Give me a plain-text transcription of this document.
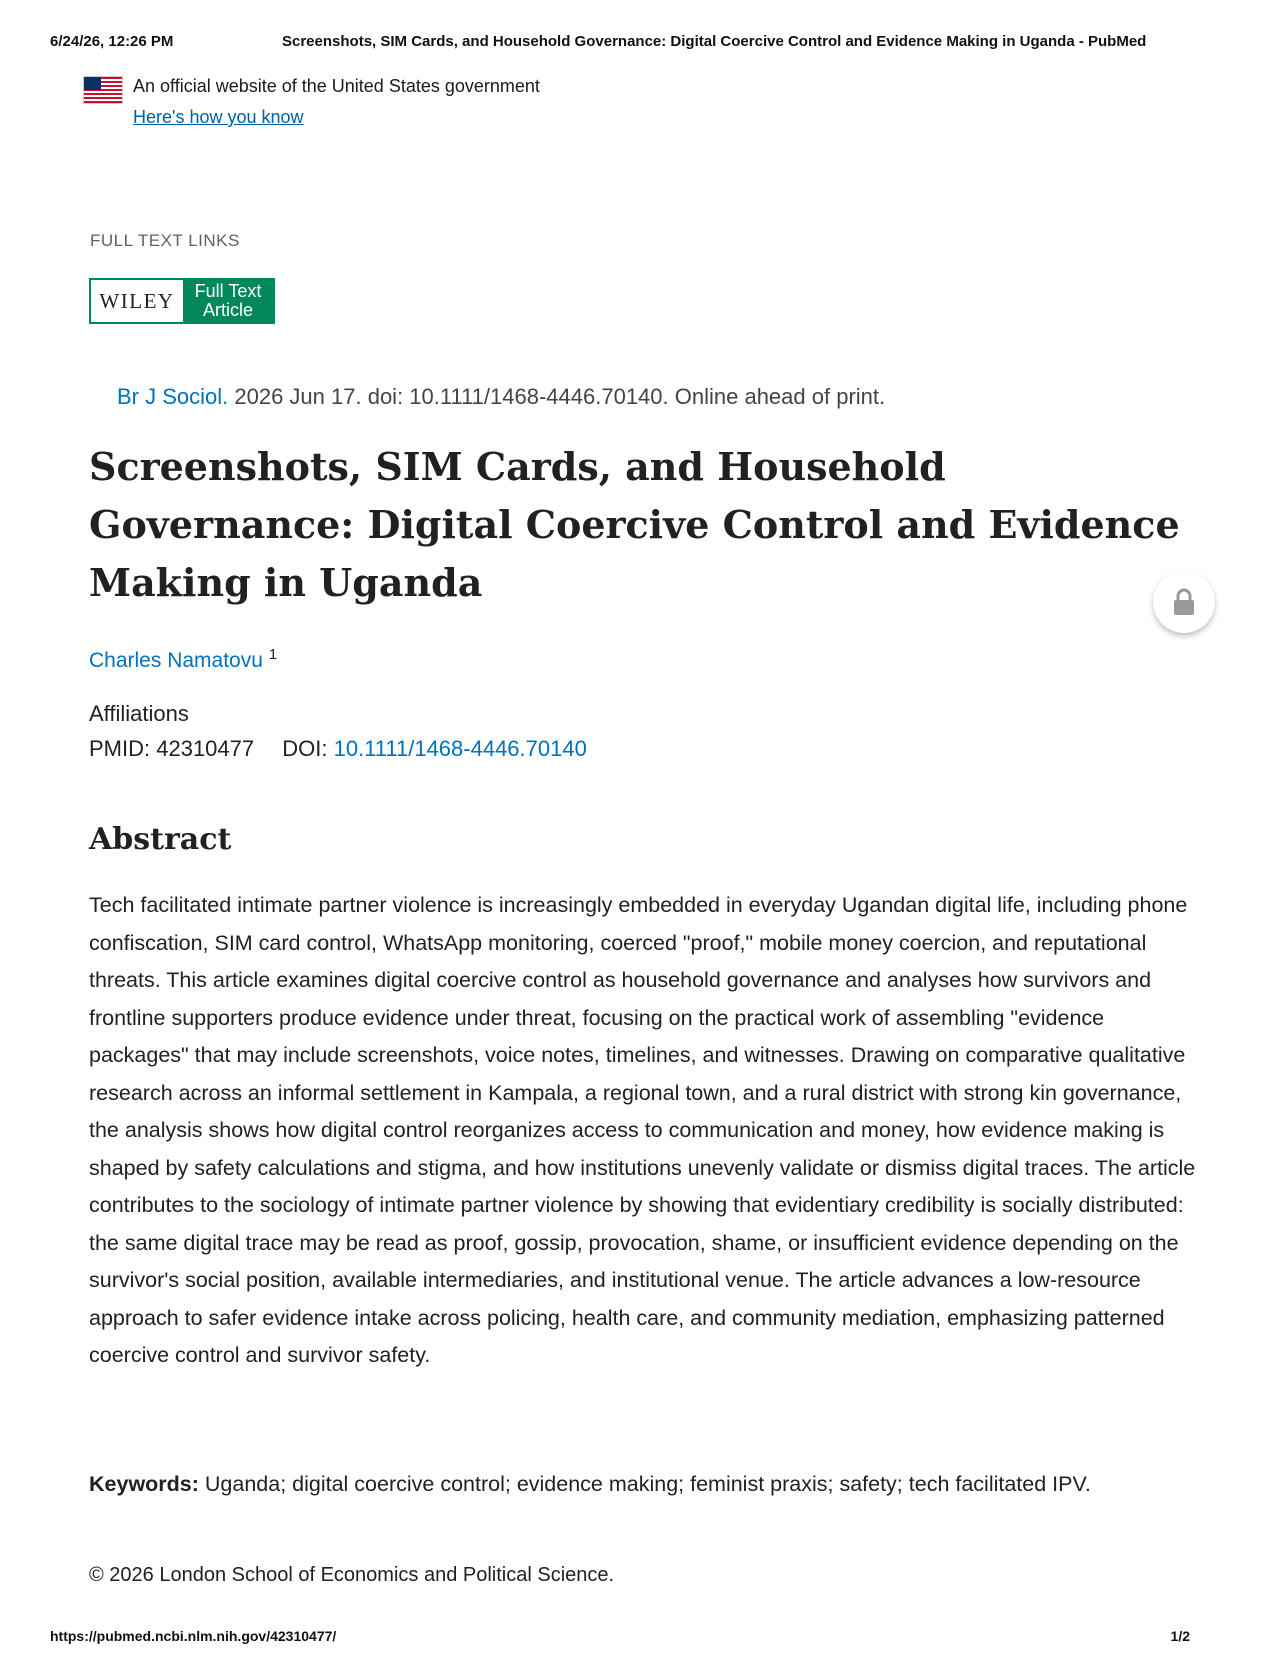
6/24/26, 12:26 PM	Screenshots, SIM Cards, and Household Governance: Digital Coercive Control and Evidence Making in Uganda - PubMed
An official website of the United States government
Here's how you know
FULL TEXT LINKS
WILEY	Full Text Article
Br J Sociol. 2026 Jun 17. doi: 10.1111/1468-4446.70140. Online ahead of print.
Screenshots, SIM Cards, and Household Governance: Digital Coercive Control and Evidence Making in Uganda
Charles Namatovu $^1$
Affiliations
PMID: 42310477 DOI: 10.1111/1468-4446.70140
Abstract

Tech facilitated intimate partner violence is increasingly embedded in everyday Ugandan digital life, including phone confiscation, SIM card control, WhatsApp monitoring, coerced "proof," mobile money coercion, and reputational threats. This article examines digital coercive control as household governance and analyses how survivors and frontline supporters produce evidence under threat, focusing on the practical work of assembling "evidence packages" that may include screenshots, voice notes, timelines, and witnesses. Drawing on comparative qualitative research across an informal settlement in Kampala, a regional town, and a rural district with strong kin governance, the analysis shows how digital control reorganizes access to communication and money, how evidence making is shaped by safety calculations and stigma, and how institutions unevenly validate or dismiss digital traces. The article contributes to the sociology of intimate partner violence by showing that evidentiary credibility is socially distributed: the same digital trace may be read as proof, gossip, provocation, shame, or insufficient evidence depending on the survivor's social position, available intermediaries, and institutional venue. The article advances a low-resource approach to safer evidence intake across policing, health care, and community mediation, emphasizing patterned coercive control and survivor safety.

Keywords: Uganda; digital coercive control; evidence making; feminist praxis; safety; tech facilitated IPV.

© 2026 London School of Economics and Political Science.
https://pubmed.ncbi.nlm.nih.gov/42310477/	1/2
